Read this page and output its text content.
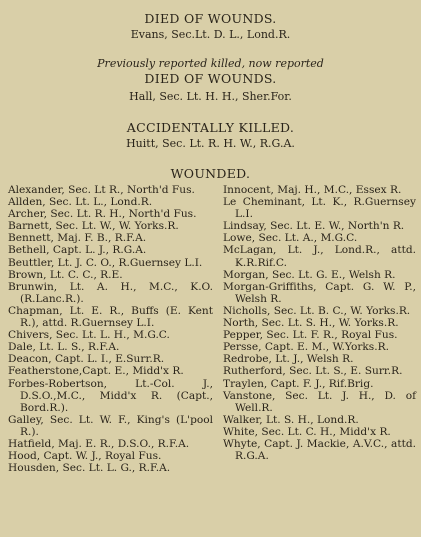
DIED OF WOUNDS.
Evans, Sec.Lt. D. L., Lond.R.
Previously reported killed, now reported
DIED OF WOUNDS.
Hall, Sec. Lt. H. H., Sher.For.
ACCIDENTALLY KILLED.
Huitt, Sec. Lt. R. H. W., R.G.A.
WOUNDED.
Alexander, Sec. Lt R., North'd Fus.
Allden, Sec. Lt. L., Lond.R.
Archer, Sec. Lt. R. H., North'd Fus.
Barnett, Sec. Lt. W., W. Yorks.R.
Bennett, Maj. F. B., R.F.A.
Bethell, Capt. L. J., R.G.A.
Beuttler, Lt. J. C. O., R.Guernsey L.I.
Brown, Lt. C. C., R.E.
Brunwin, Lt. A. H., M.C., K.O. (R.Lanc.R.).
Chapman, Lt. E. R., Buffs (E. Kent R.), attd. R.Guernsey L.I.
Chivers, Sec. Lt. L. H., M.G.C.
Dale, Lt. L. S., R.F.A.
Deacon, Capt. L. I., E.Surr.R.
Featherstone,Capt. E., Midd'x R.
Forbes-Robertson, Lt.-Col. J., D.S.O.,M.C., Midd'x R. (Capt., Bord.R.).
Galley, Sec. Lt. W. F., King's (L'pool R.).
Hatfield, Maj. E. R., D.S.O., R.F.A.
Hood, Capt. W. J., Royal Fus.
Housden, Sec. Lt. L. G., R.F.A.
Innocent, Maj. H., M.C., Essex R.
Le Cheminant, Lt. K., R.Guernsey L.I.
Lindsay, Sec. Lt. E. W., North'n R.
Lowe, Sec. Lt. A., M.G.C.
McLagan, Lt. J., Lond.R., attd. K.R.Rif.C.
Morgan, Sec. Lt. G. E., Welsh R.
Morgan-Griffiths, Capt. G. W. P., Welsh R.
Nicholls, Sec. Lt. B. C., W. Yorks.R.
North, Sec. Lt. S. H., W. Yorks.R.
Pepper, Sec. Lt. F. R., Royal Fus.
Persse, Capt. E. M., W.Yorks.R.
Redrobe, Lt. J., Welsh R.
Rutherford, Sec. Lt. S., E. Surr.R.
Traylen, Capt. F. J., Rif.Brig.
Vanstone, Sec. Lt. J. H., D. of Well.R.
Walker, Lt. S. H., Lond.R.
White, Sec. Lt. C. H., Midd'x R.
Whyte, Capt. J. Mackie, A.V.C., attd. R.G.A.
